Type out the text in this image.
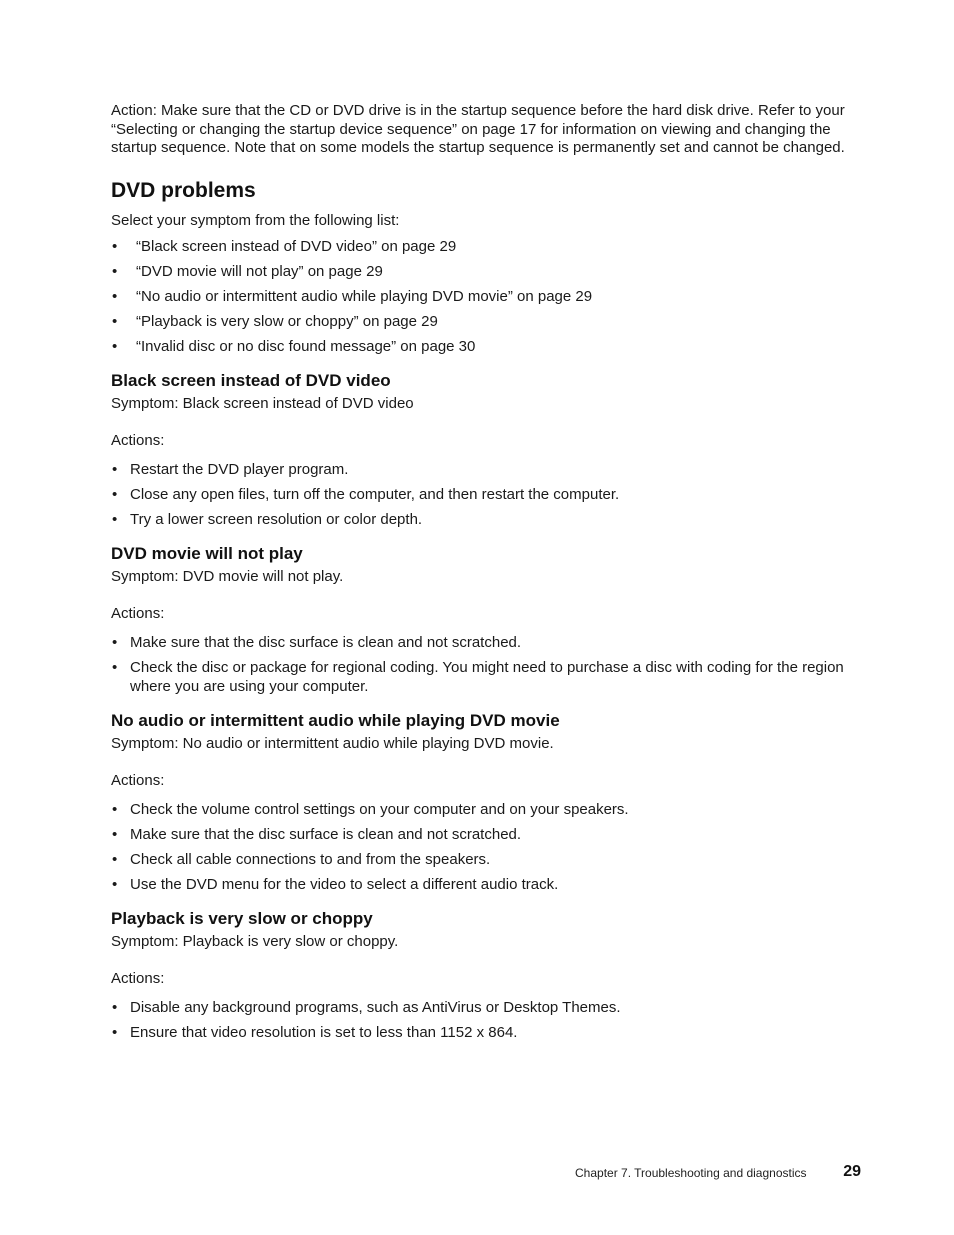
Action: Make sure that the CD or DVD drive is in the startup sequence before the hard disk drive. Refer to your “Selecting or changing the startup device sequence” on page 17 for information on viewing and changing the startup sequence. Note that on some models the startup sequence is permanently set and cannot be changed.

DVD problems

Select your symptom from the following list:

• “Black screen instead of DVD video” on page 29
• “DVD movie will not play” on page 29
• “No audio or intermittent audio while playing DVD movie” on page 29
• “Playback is very slow or choppy” on page 29
• “Invalid disc or no disc found message” on page 30
Black screen instead of DVD video

Symptom: Black screen instead of DVD video

Actions:

• Restart the DVD player program.
• Close any open files, turn off the computer, and then restart the computer.
• Try a lower screen resolution or color depth.
DVD movie will not play

Symptom: DVD movie will not play.

Actions:

• Make sure that the disc surface is clean and not scratched.
• Check the disc or package for regional coding. You might need to purchase a disc with coding for the region where you are using your computer.
No audio or intermittent audio while playing DVD movie

Symptom: No audio or intermittent audio while playing DVD movie.

Actions:

• Check the volume control settings on your computer and on your speakers.
• Make sure that the disc surface is clean and not scratched.
• Check all cable connections to and from the speakers.
• Use the DVD menu for the video to select a different audio track.
Playback is very slow or choppy

Symptom: Playback is very slow or choppy.

Actions:

• Disable any background programs, such as AntiVirus or Desktop Themes.
• Ensure that video resolution is set to less than 1152 x 864.
Chapter 7. Troubleshooting and diagnostics 29
